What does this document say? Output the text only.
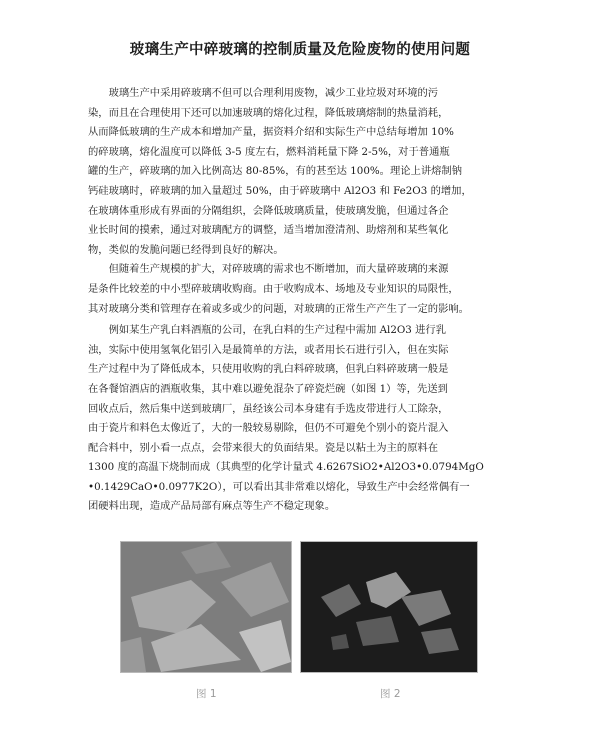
玻璃生产中碎玻璃的控制质量及危险废物的使用问题
　　玻璃生产中采用碎玻璃不但可以合理利用废物，减少工业垃圾对环境的污
染，而且在合理使用下还可以加速玻璃的熔化过程，降低玻璃熔制的热量消耗，
从而降低玻璃的生产成本和增加产量，据资料介绍和实际生产中总结每增加 10%
的碎玻璃，熔化温度可以降低 3-5 度左右，燃料消耗量下降 2-5%，对于普通瓶
罐的生产，碎玻璃的加入比例高达 80-85%，有的甚至达 100%。理论上讲熔制钠
钙硅玻璃时，碎玻璃的加入量超过 50%，由于碎玻璃中 Al2O3 和 Fe2O3 的增加，
在玻璃体重形成有界面的分隔组织，会降低玻璃质量，使玻璃发脆，但通过各企
业长时间的摸索，通过对玻璃配方的调整，适当增加澄清剂、助熔剂和某些氧化
物，类似的发脆问题已经得到良好的解决。
　　但随着生产规模的扩大，对碎玻璃的需求也不断增加，而大量碎玻璃的来源
是条件比较差的中小型碎玻璃收购商。由于收购成本、场地及专业知识的局限性，
其对玻璃分类和管理存在着或多或少的问题，对玻璃的正常生产产生了一定的影响。
　　例如某生产乳白料酒瓶的公司，在乳白料的生产过程中需加 Al2O3 进行乳
浊，实际中使用氢氧化铝引入是最简单的方法，或者用长石进行引入，但在实际
生产过程中为了降低成本，只使用收购的乳白料碎玻璃，但乳白料碎玻璃一般是
在各餐馆酒店的酒瓶收集，其中难以避免混杂了碎瓷烂碗（如图 1）等，先送到
回收点后，然后集中送到玻璃厂，虽经该公司本身建有手选皮带进行人工除杂，
由于瓷片和料色太像近了，大的一般较易剔除，但仍不可避免个别小的瓷片混入
配合料中，别小看一点点，会带来很大的负面结果。瓷是以粘土为主的原料在
1300 度的高温下烧制而成（其典型的化学计量式 4.6267SiO2•Al2O3•0.0794MgO
•0.1429CaO•0.0977K2O），可以看出其非常难以熔化，导致生产中会经常偶有一
团硬料出现，造成产品局部有麻点等生产不稳定现象。
图 1	图 2
